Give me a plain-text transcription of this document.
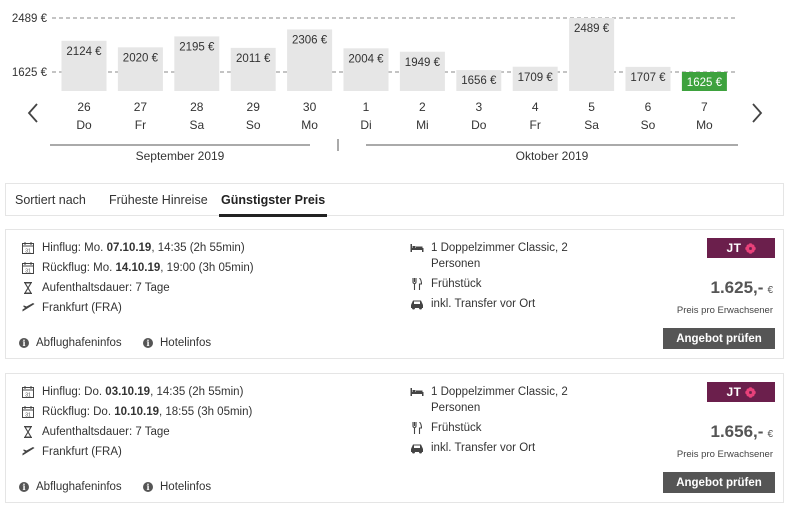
2489 €
1625 €
2124 €
26
Do
2020 €
27
Fr
2195 €
28
Sa
2011 €
29
So
2306 €
30
Mo
2004 €
1
Di
1949 €
2
Mi
1656 €
3
Do
1709 €
4
Fr
2489 €
5
Sa
1707 €
6
So
1625 €
7
Mo
September 2019	Oktober 2019
Sortiert nach Früheste Hinreise Günstigster Preis
31 Hinflug: Mo.
07.10.19 , 14:35 (2h 55min)
31 Rückflug: Mo.
14.10.19 , 19:00 (3h 05min)
Aufenthaltsdauer: 7 Tage
Frankfurt (FRA)
1 Doppelzimmer Classic, 2 Personen
Frühstück
inkl. Transfer vor Ort
i Abflughafeninfos	i Hotelinfos
JT
1.625,- €
Preis pro Erwachsener
Angebot prüfen
31 Hinflug: Do.
03.10.19 , 14:35 (2h 55min)
31 Rückflug: Do.
10.10.19 , 18:55 (3h 05min)
Aufenthaltsdauer: 7 Tage
Frankfurt (FRA)
1 Doppelzimmer Classic, 2 Personen
Frühstück
inkl. Transfer vor Ort
i Abflughafeninfos	i Hotelinfos
JT
1.656,- €
Preis pro Erwachsener
Angebot prüfen
